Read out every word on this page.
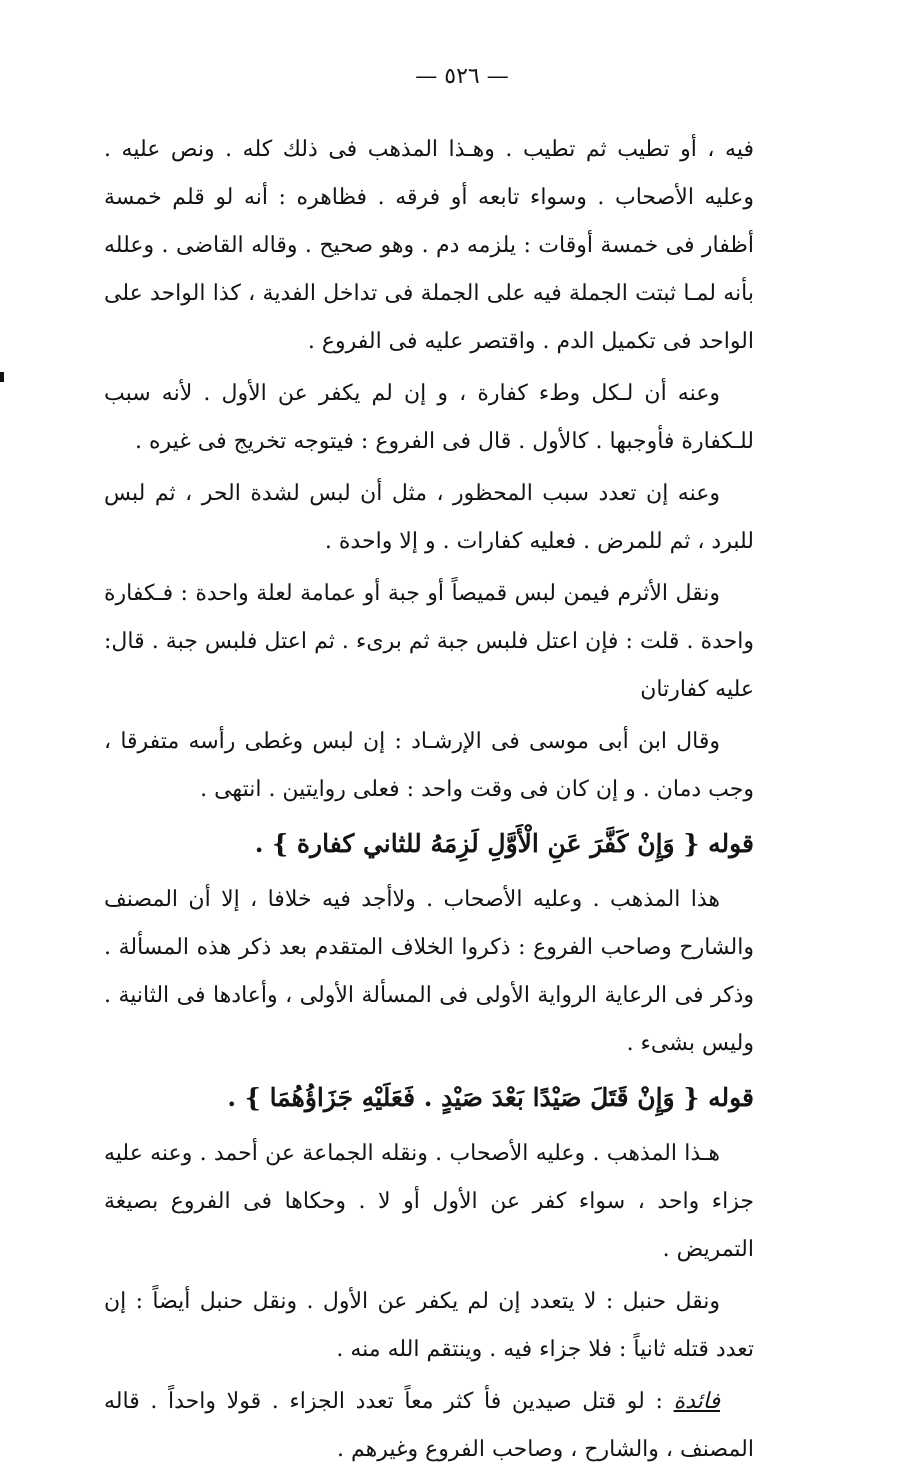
— ٥٢٦ —

فيه ، أو تطيب ثم تطيب . وهـذا المذهب فى ذلك كله . ونص عليه . وعليه الأصحاب . وسواء تابعه أو فرقه . فظاهره : أنه لو قلم خمسة أظفار فى خمسة أوقات : يلزمه دم . وهو صحيح . وقاله القاضى . وعلله بأنه لمـا ثبتت الجملة فيه على الجملة فى تداخل الفدية ، كذا الواحد على الواحد فى تكميل الدم . واقتصر عليه فى الفروع .

وعنه أن لـكل وطء كفارة ، و إن لم يكفر عن الأول . لأنه سبب للـكفارة فأوجبها . كالأول . قال فى الفروع : فيتوجه تخريج فى غيره .

وعنه إن تعدد سبب المحظور ، مثل أن لبس لشدة الحر ، ثم لبس للبرد ، ثم للمرض . فعليه كفارات . و إلا واحدة .

ونقل الأثرم فيمن لبس قميصاً أو جبة أو عمامة لعلة واحدة : فـكفارة واحدة . قلت : فإن اعتل فلبس جبة ثم برىء . ثم اعتل فلبس جبة . قال: عليه كفارتان

وقال ابن أبى موسى فى الإرشـاد : إن لبس وغطى رأسه متفرقا ، وجب دمان . و إن كان فى وقت واحد : فعلى روايتين . انتهى .

قوله { وَإِنْ كَفَّرَ عَنِ الْأَوَّلِ لَزِمَهُ للثاني كفارة } .

هذا المذهب . وعليه الأصحاب . ولاأجد فيه خلافا ، إلا أن المصنف والشارح وصاحب الفروع : ذكروا الخلاف المتقدم بعد ذكر هذه المسألة . وذكر فى الرعاية الرواية الأولى فى المسألة الأولى ، وأعادها فى الثانية . وليس بشىء .

قوله { وَإِنْ قَتَلَ صَيْدًا بَعْدَ صَيْدٍ . فَعَلَيْهِ جَزَاؤُهُمَا } .

هـذا المذهب . وعليه الأصحاب . ونقله الجماعة عن أحمد . وعنه عليه جزاء واحد ، سواء كفر عن الأول أو لا . وحكاها فى الفروع بصيغة التمريض .

ونقل حنبل : لا يتعدد إن لم يكفر عن الأول . ونقل حنبل أيضاً : إن تعدد قتله ثانياً : فلا جزاء فيه . وينتقم الله منه .

فائدة : لو قتل صيدين فأ كثر معاً تعدد الجزاء . قولا واحداً . قاله المصنف ، والشارح ، وصاحب الفروع وغيرهم .
